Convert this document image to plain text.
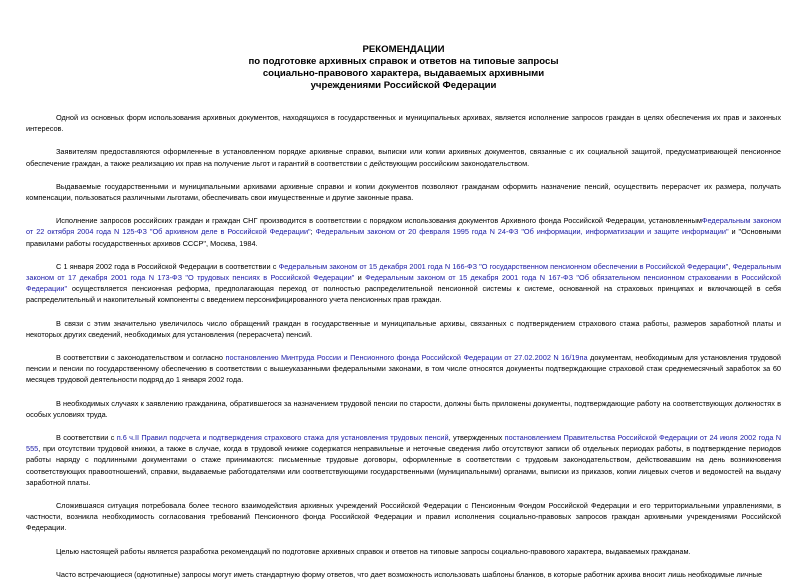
РЕКОМЕНДАЦИИ
по подготовке архивных справок и ответов на типовые запросы
социально-правового характера, выдаваемых архивными
учреждениями Российской Федерации

Одной из основных форм использования архивных документов, находящихся в государственных и муниципальных архивах, является исполнение запросов граждан в целях обеспечения их прав и законных интересов.

Заявителям предоставляются оформленные в установленном порядке архивные справки, выписки или копии архивных документов, связанные с их социальной защитой, предусматривающей пенсионное обеспечение граждан, а также реализацию их прав на получение льгот и гарантий в соответствии с действующим российским законодательством.

Выдаваемые государственными и муниципальными архивами архивные справки и копии документов позволяют гражданам оформить назначение пенсий, осуществить перерасчет их размера, получать компенсации, пользоваться различными льготами, обеспечивать свои имущественные и другие законные права.

Исполнение запросов российских граждан и граждан СНГ производится в соответствии с порядком использования документов Архивного фонда Российской Федерации, установленнымФедеральным законом от 22 октября 2004 года N 125-ФЗ "Об архивном деле в Российской Федерации"; Федеральным законом от 20 февраля 1995 года N 24-ФЗ "Об информации, информатизации и защите информации" и "Основными правилами работы государственных архивов СССР", Москва, 1984.

С 1 января 2002 года в Российской Федерации в соответствии с Федеральным законом от 15 декабря 2001 года N 166-ФЗ "О государственном пенсионном обеспечении в Российской Федерации", Федеральным законом от 17 декабря 2001 года N 173-ФЗ "О трудовых пенсиях в Российской Федерации" и Федеральным законом от 15 декабря 2001 года N 167-ФЗ "Об обязательном пенсионном страховании в Российской Федерации" осуществляется пенсионная реформа, предполагающая переход от полностью распределительной пенсионной системы к системе, основанной на страховых принципах и включающей в себя распределительный и накопительный компоненты с введением персонифицированного учета пенсионных прав граждан.

В связи с этим значительно увеличилось число обращений граждан в государственные и муниципальные архивы, связанных с подтверждением страхового стажа работы, размеров заработной платы и некоторых других сведений, необходимых для установления (перерасчета) пенсий.

В соответствии с законодательством и согласно постановлению Минтруда России и Пенсионного фонда Российской Федерации от 27.02.2002 N 16/19па документам, необходимым для установления трудовой пенсии и пенсии по государственному обеспечению в соответствии с вышеуказанными федеральными законами, в том числе относятся документы подтверждающие страховой стаж среднемесячный заработок за 60 месяцев трудовой деятельности подряд до 1 января 2002 года.

В необходимых случаях к заявлению гражданина, обратившегося за назначением трудовой пенсии по старости, должны быть приложены документы, подтверждающие работу на соответствующих должностях в особых условиях труда.

В соответствии с п.6 ч.II Правил подсчета и подтверждения страхового стажа для установления трудовых пенсий, утвержденных постановлением Правительства Российской Федерации от 24 июля 2002 года N 555, при отсутствии трудовой книжки, а также в случае, когда в трудовой книжке содержатся неправильные и неточные сведения либо отсутствуют записи об отдельных периодах работы, в подтверждение периодов работы наряду с подлинными документами о стаже принимаются: письменные трудовые договоры, оформленные в соответствии с трудовым законодательством, действовавшим на день возникновения соответствующих правоотношений, справки, выдаваемые работодателями или соответствующими государственными (муниципальными) органами, выписки из приказов, копии лицевых счетов и ведомостей на выдачу заработной платы.

Сложившаяся ситуация потребовала более тесного взаимодействия архивных учреждений Российской Федерации с Пенсионным Фондом Российской Федерации и его территориальными управлениями, в частности, возникла необходимость согласования требований Пенсионного фонда Российской Федерации и правил исполнения социально-правовых запросов граждан архивными учреждениями Российской Федерации.

Целью настоящей работы является разработка рекомендаций по подготовке архивных справок и ответов на типовые запросы социально-правового характера, выдаваемых гражданам.

Часто встречающиеся (однотипные) запросы могут иметь стандартную форму ответов, что дает возможность использовать шаблоны бланков, в которые работник архива вносит лишь необходимые личные
